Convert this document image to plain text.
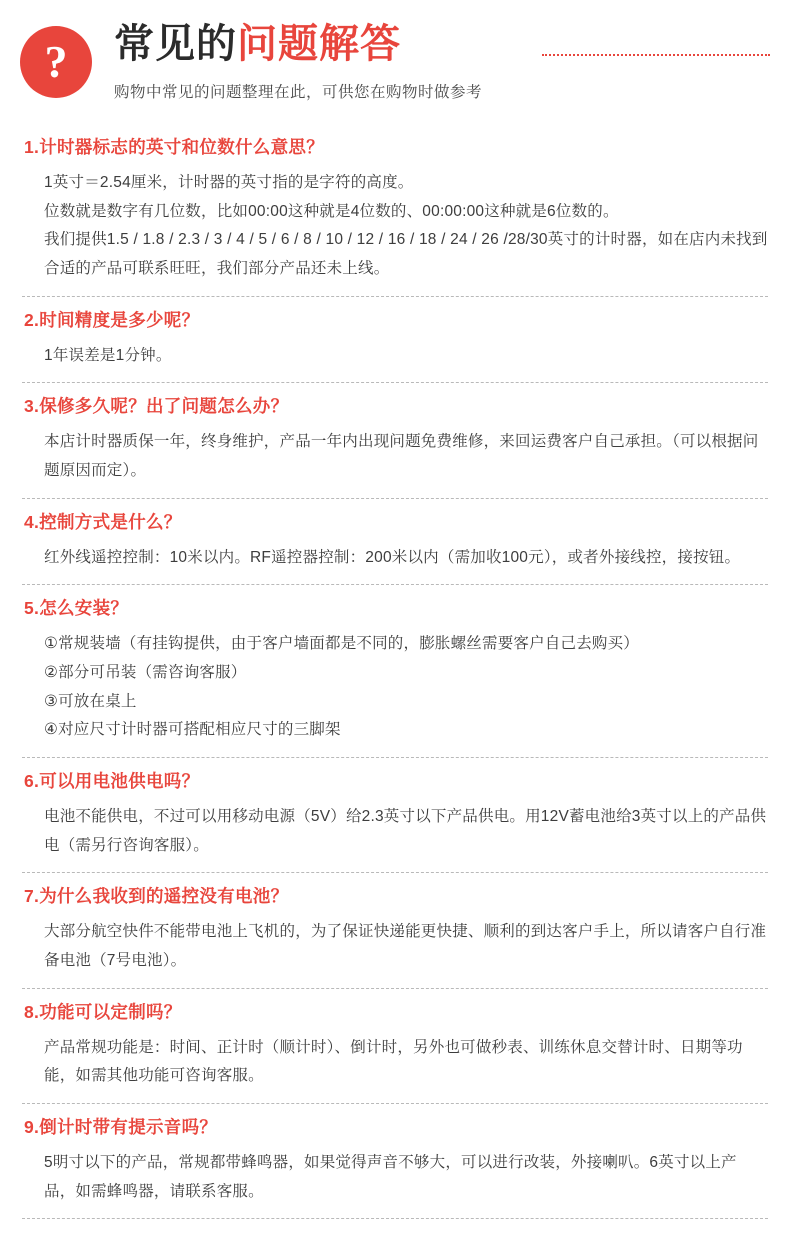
?	常见的问题解答
购物中常见的问题整理在此，可供您在购物时做参考
1.计时器标志的英寸和位数什么意思？

1英寸＝2.54厘米，计时器的英寸指的是字符的高度。

位数就是数字有几位数，比如00:00这种就是4位数的、00:00:00这种就是6位数的。

我们提供1.5 / 1.8 / 2.3 / 3 / 4 / 5 / 6 / 8 / 10 / 12 / 16 / 18 / 24 / 26 /28/30英寸的计时器，如在店内未找到合适的产品可联系旺旺，我们部分产品还未上线。

2.时间精度是多少呢？

1年误差是1分钟。

3.保修多久呢？出了问题怎么办？

本店计时器质保一年，终身维护，产品一年内出现问题免费维修，来回运费客户自己承担。（可以根据问题原因而定）。

4.控制方式是什么？

红外线遥控控制：10米以内。RF遥控器控制：200米以内（需加收100元），或者外接线控，接按钮。

5.怎么安装？

①常规装墙（有挂钩提供，由于客户墙面都是不同的，膨胀螺丝需要客户自己去购买）

②部分可吊装（需咨询客服）

③可放在桌上

④对应尺寸计时器可搭配相应尺寸的三脚架

6.可以用电池供电吗？

电池不能供电，不过可以用移动电源（5V）给2.3英寸以下产品供电。用12V蓄电池给3英寸以上的产品供电（需另行咨询客服）。

7.为什么我收到的遥控没有电池？

大部分航空快件不能带电池上飞机的，为了保证快递能更快捷、顺利的到达客户手上，所以请客户自行准备电池（7号电池）。

8.功能可以定制吗？

产品常规功能是：时间、正计时（顺计时）、倒计时，另外也可做秒表、训练休息交替计时、日期等功能，如需其他功能可咨询客服。

9.倒计时带有提示音吗？

5明寸以下的产品，常规都带蜂鸣器，如果觉得声音不够大，可以进行改装，外接喇叭。6英寸以上产品，如需蜂鸣器，请联系客服。
